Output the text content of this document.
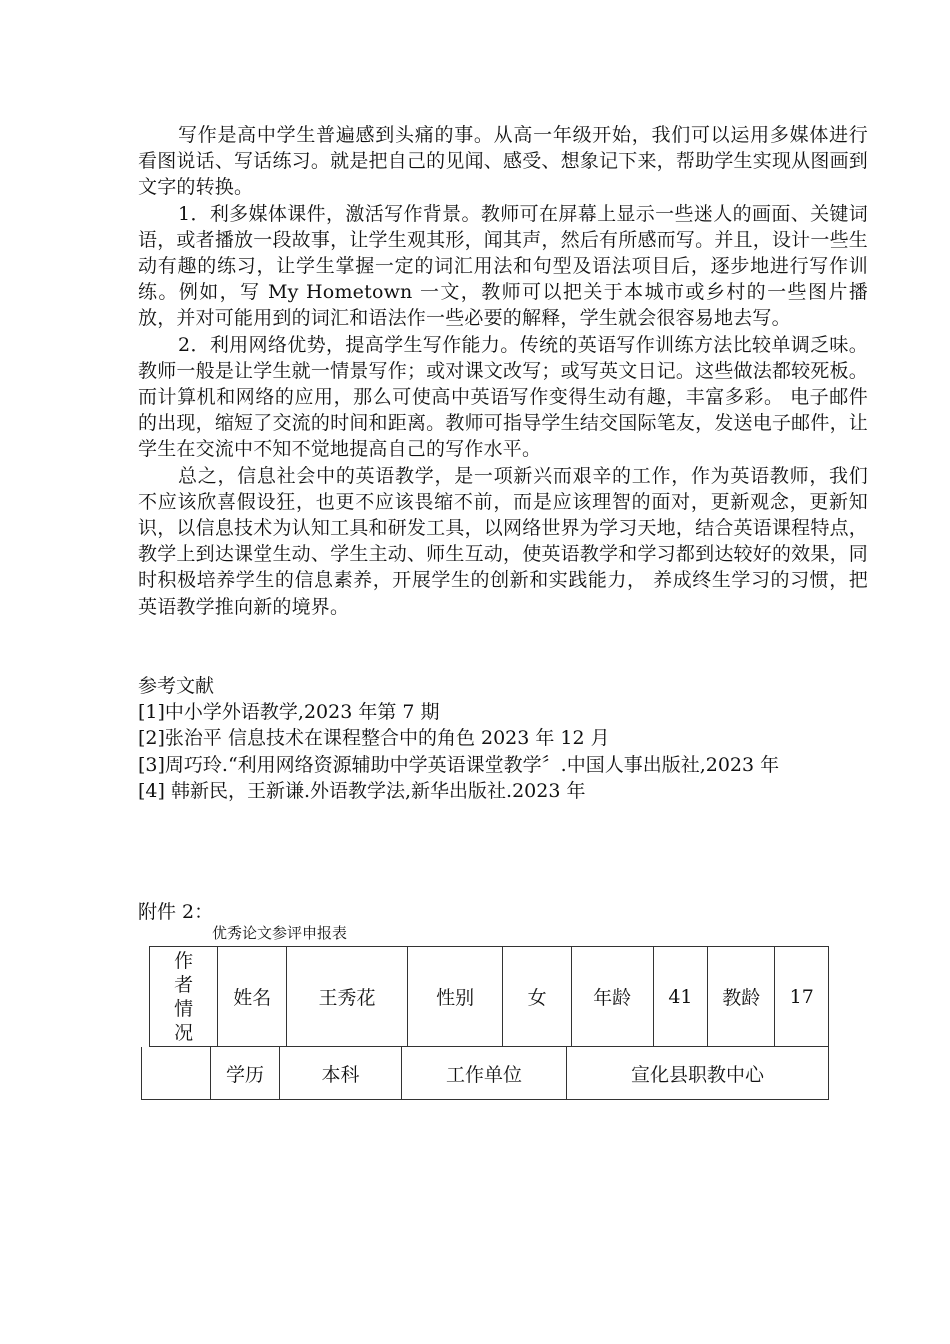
写作是高中学生普遍感到头痛的事。从高一年级开始，我们可以运用多媒体进行看图说话、写话练习。就是把自己的见闻、感受、想象记下来，帮助学生实现从图画到文字的转换。

1．利多媒体课件，激活写作背景。教师可在屏幕上显示一些迷人的画面、关键词语，或者播放一段故事，让学生观其形，闻其声，然后有所感而写。并且，设计一些生动有趣的练习，让学生掌握一定的词汇用法和句型及语法项目后，逐步地进行写作训练。例如，写 My Hometown 一文，教师可以把关于本城市或乡村的一些图片播放，并对可能用到的词汇和语法作一些必要的解释，学生就会很容易地去写。

2．利用网络优势，提高学生写作能力。传统的英语写作训练方法比较单调乏味。教师一般是让学生就一情景写作；或对课文改写；或写英文日记。这些做法都较死板。而计算机和网络的应用，那么可使高中英语写作变得生动有趣，丰富多彩。 电子邮件的出现，缩短了交流的时间和距离。教师可指导学生结交国际笔友，发送电子邮件，让学生在交流中不知不觉地提高自己的写作水平。

总之，信息社会中的英语教学，是一项新兴而艰辛的工作，作为英语教师，我们不应该欣喜假设狂，也更不应该畏缩不前，而是应该理智的面对，更新观念，更新知识，以信息技术为认知工具和研发工具，以网络世界为学习天地，结合英语课程特点，教学上到达课堂生动、学生主动、师生互动，使英语教学和学习都到达较好的效果，同时积极培养学生的信息素养，开展学生的创新和实践能力， 养成终生学习的习惯，把英语教学推向新的境界。

参考文献
[1]中小学外语教学,2023 年第 7 期
[2]张治平 信息技术在课程整合中的角色 2023 年 12 月
[3]周巧玲.“利用网络资源辅助中学英语课堂教学〞.中国人事出版社,2023 年
[4] 韩新民，王新谦.外语教学法,新华出版社.2023 年
附件 2：
优秀论文参评申报表
作
者
情
况
	姓名	王秀花	性别	女	年龄	41	教龄	17
	学历	本科	工作单位	宣化县职教中心
